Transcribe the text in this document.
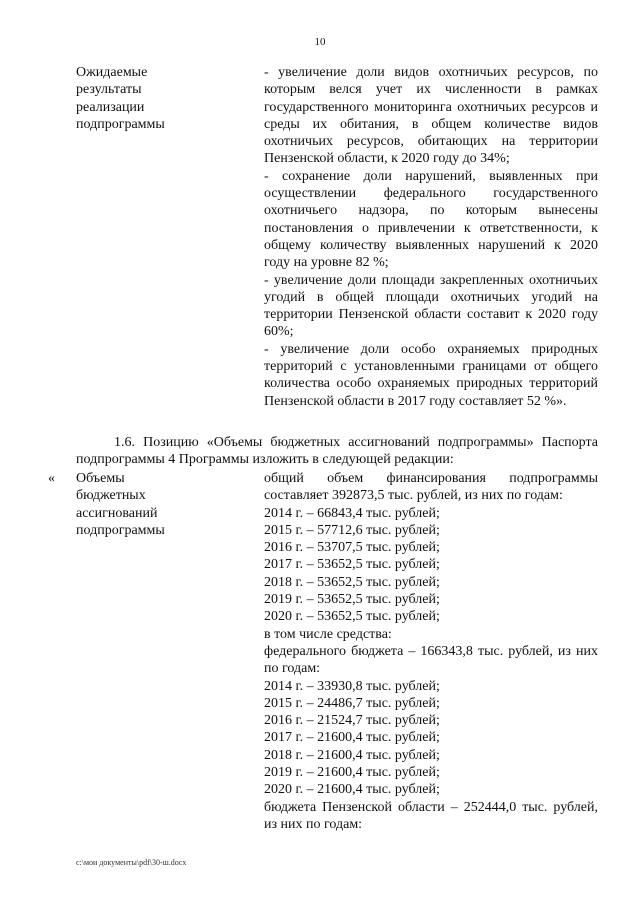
10
Ожидаемые
результаты
реализации
подпрограммы

- увеличение доли видов охотничьих ресурсов, по которым велся учет их численности в рамках государственного мониторинга охотничьих ресурсов и среды их обитания, в общем количестве видов охотничьих ресурсов, обитающих на территории Пензенской области, к 2020 году до 34%;

- сохранение доли нарушений, выявленных при осуществлении федерального государственного охотничьего надзора, по которым вынесены постановления о привлечении к ответственности, к общему количеству выявленных нарушений к 2020 году на уровне 82 %;

- увеличение доли площади закрепленных охотничьих угодий в общей площади охотничьих угодий на территории Пензенской области составит к 2020 году 60%;

- увеличение доли особо охраняемых природных территорий с установленными границами от общего количества особо охраняемых природных территорий Пензенской области в 2017 году составляет 52 %».

1.6. Позицию «Объемы бюджетных ассигнований подпрограммы» Паспорта подпрограммы 4 Программы изложить в следующей редакции:

« Объемы
бюджетных
ассигнований
подпрограммы

общий объем финансирования подпрограммы составляет 392873,5 тыс. рублей, из них по годам:

2014 г. – 66843,4 тыс. рублей;
2015 г. – 57712,6 тыс. рублей;
2016 г. – 53707,5 тыс. рублей;
2017 г. – 53652,5 тыс. рублей;
2018 г. – 53652,5 тыс. рублей;
2019 г. – 53652,5 тыс. рублей;
2020 г. – 53652,5 тыс. рублей;
в том числе средства:

федерального бюджета – 166343,8 тыс. рублей, из них по годам:

2014 г. – 33930,8 тыс. рублей;
2015 г. – 24486,7 тыс. рублей;
2016 г. – 21524,7 тыс. рублей;
2017 г. – 21600,4 тыс. рублей;
2018 г. – 21600,4 тыс. рублей;
2019 г. – 21600,4 тыс. рублей;
2020 г. – 21600,4 тыс. рублей;

бюджета Пензенской области – 252444,0 тыс. рублей, из них по годам:

c:\мои документы\pdf\30-ш.docx
